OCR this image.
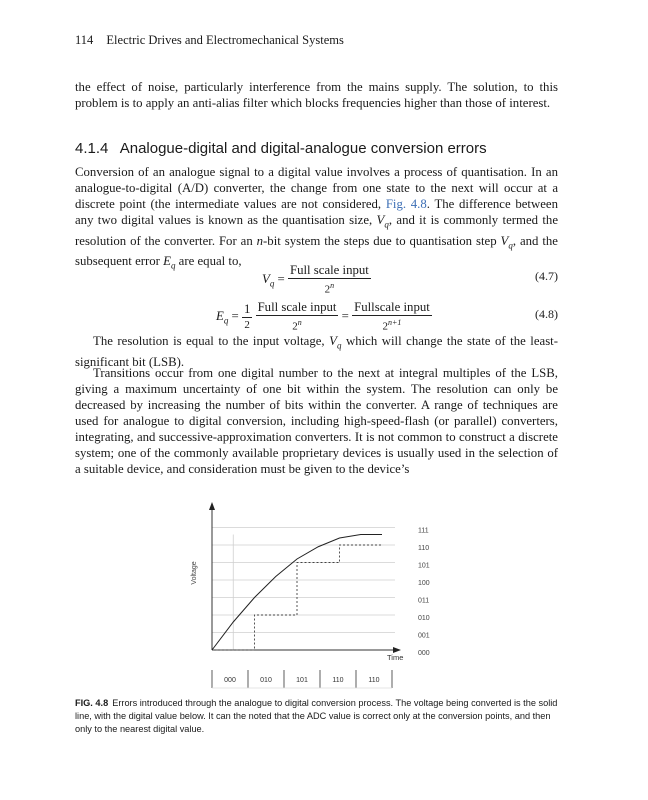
114 Electric Drives and Electromechanical Systems
the effect of noise, particularly interference from the mains supply. The solution, to this problem is to apply an anti-alias filter which blocks frequencies higher than those of interest.
4.1.4 Analogue-digital and digital-analogue conversion errors
Conversion of an analogue signal to a digital value involves a process of quantisation. In an analogue-to-digital (A/D) converter, the change from one state to the next will occur at a discrete point (the intermediate values are not considered, Fig. 4.8. The difference between any two digital values is known as the quantisation size, $V_q$, and it is commonly termed the resolution of the converter. For an n-bit system the steps due to quantisation step $V_q$, and the subsequent error $E_q$ are equal to,
$V_q = \frac{\text{Full scale input}}{2^n}$	(4.7)
$E_q = \frac{1}{2}$
$\frac{\text{Full scale input}}{2^n} = \frac{\text{Fullscale input}}{2^{n+1}}$	(4.8)
The resolution is equal to the input voltage, $V_q$ which will change the state of the least-significant bit (LSB).
Transitions occur from one digital number to the next at integral multiples of the LSB, giving a maximum uncertainty of one bit within the system. The resolution can only be decreased by increasing the number of bits within the converter. A range of techniques are used for analogue to digital conversion, including high-speed-flash (or parallel) converters, integrating, and successive-approximation converters. It is not common to construct a discrete system; one of the commonly available proprietary devices is usually used in the selection of a suitable device, and consideration must be given to the device’s
000
001
010
011
100
101
110
111
Voltage
Time
000	010	101	110	110
FIG. 4.8 Errors introduced through the analogue to digital conversion process. The voltage being converted is the solid line, with the digital value below. It can the noted that the ADC value is correct only at the conversion points, and then only to the nearest digital value.
